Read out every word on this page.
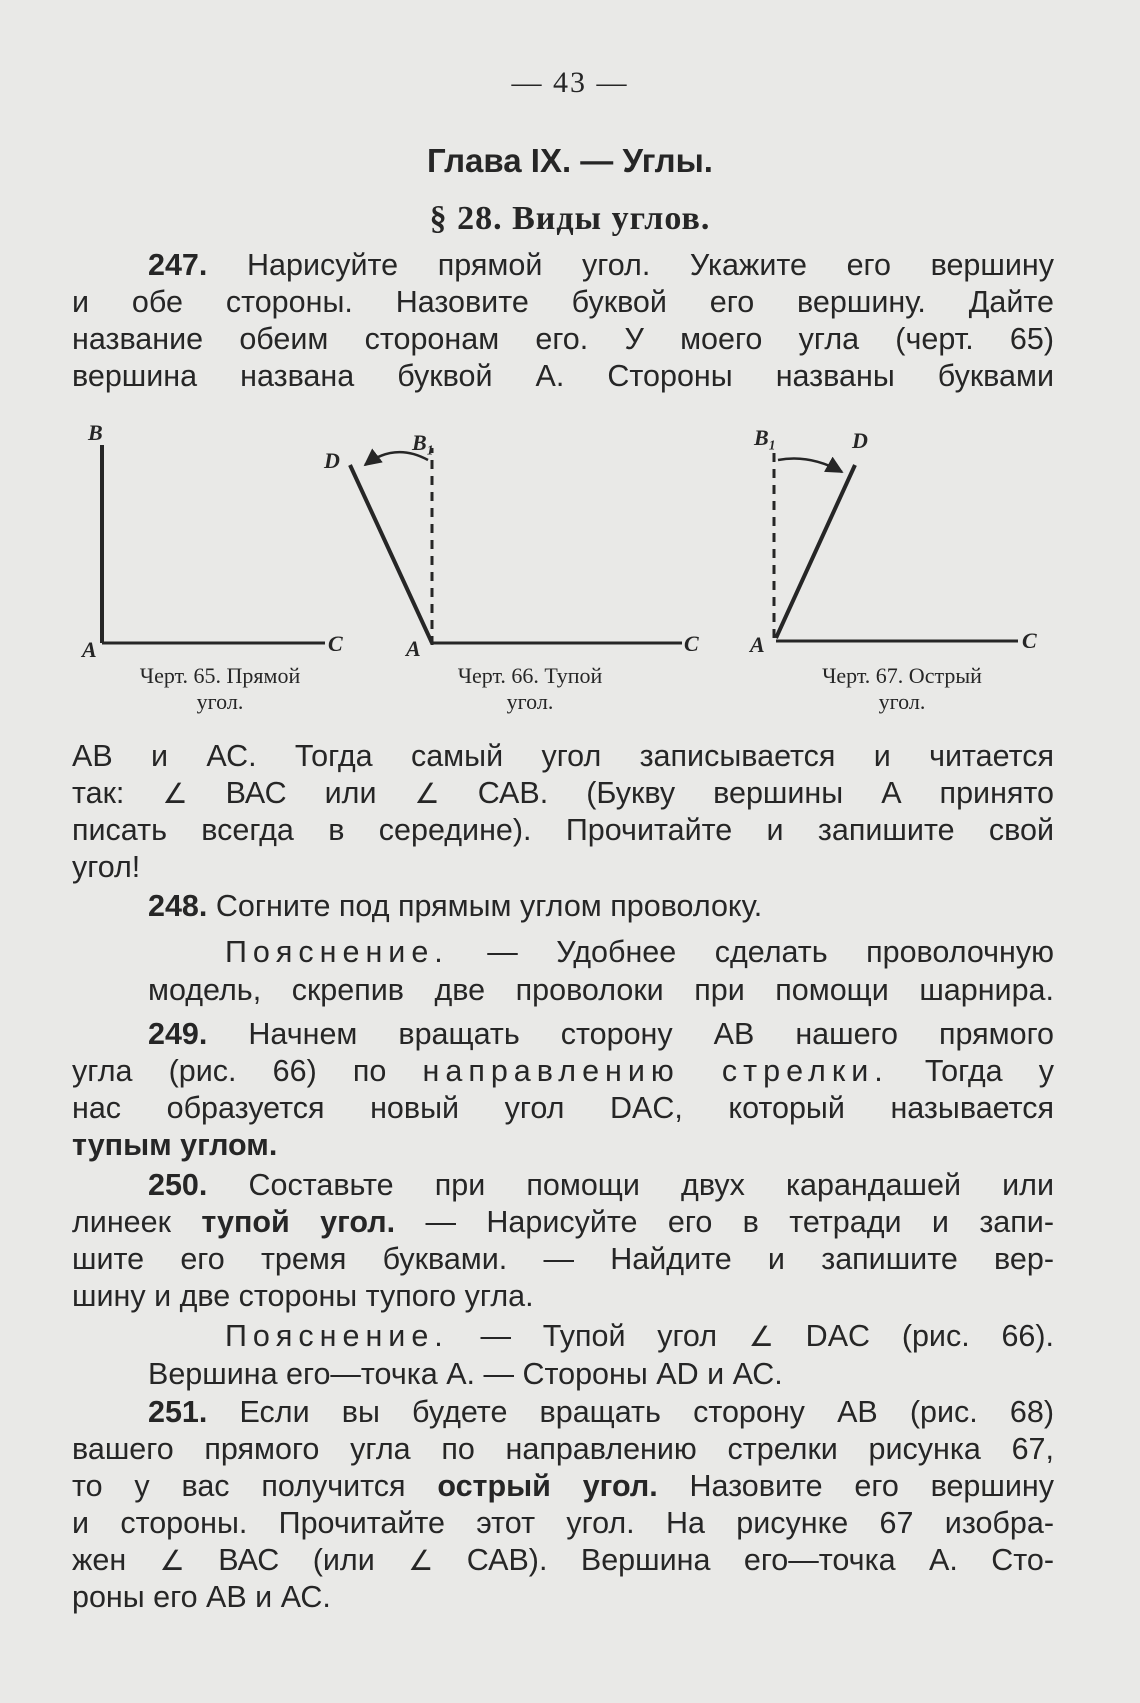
— 43 —
Глава IX. — Углы.
§ 28. Виды углов.
247. Нарисуйте прямой угол. Укажите его вершину
и обе стороны. Назовите буквой его вершину. Дайте
название обеим сторонам его. У моего угла (черт. 65)
вершина названа буквой А. Стороны названы буквами
B
A	C
D
B₁
A	C
B₁	D
A	C
Черт. 65. Прямой
угол.
Черт. 66. Тупой
угол.
Черт. 67. Острый
угол.
АВ и АС. Тогда самый угол записывается и читается
так: ∠ ВАС или ∠ САВ. (Букву вершины А принято
писать всегда в середине). Прочитайте и запишите свой
угол!
248. Согните под прямым углом проволоку.
Пояснение. — Удобнее сделать проволочную
модель, скрепив две проволоки при помощи шарнира.
249. Начнем вращать сторону АВ нашего прямого
угла (рис. 66) по направлению стрелки. Тогда у
нас образуется новый угол DAC, который называется
тупым углом.
250. Составьте при помощи двух карандашей или
линеек тупой угол. — Нарисуйте его в тетради и запи-
шите его тремя буквами. — Найдите и запишите вер-
шину и две стороны тупого угла.
Пояснение. — Тупой угол ∠ DAC (рис. 66).
Вершина его—точка А. — Стороны AD и АС.
251. Если вы будете вращать сторону АВ (рис. 68)
вашего прямого угла по направлению стрелки рисунка 67,
то у вас получится острый угол. Назовите его вершину
и стороны. Прочитайте этот угол. На рисунке 67 изобра-
жен ∠ ВАС (или ∠ САВ). Вершина его—точка А. Сто-
роны его АВ и АС.
